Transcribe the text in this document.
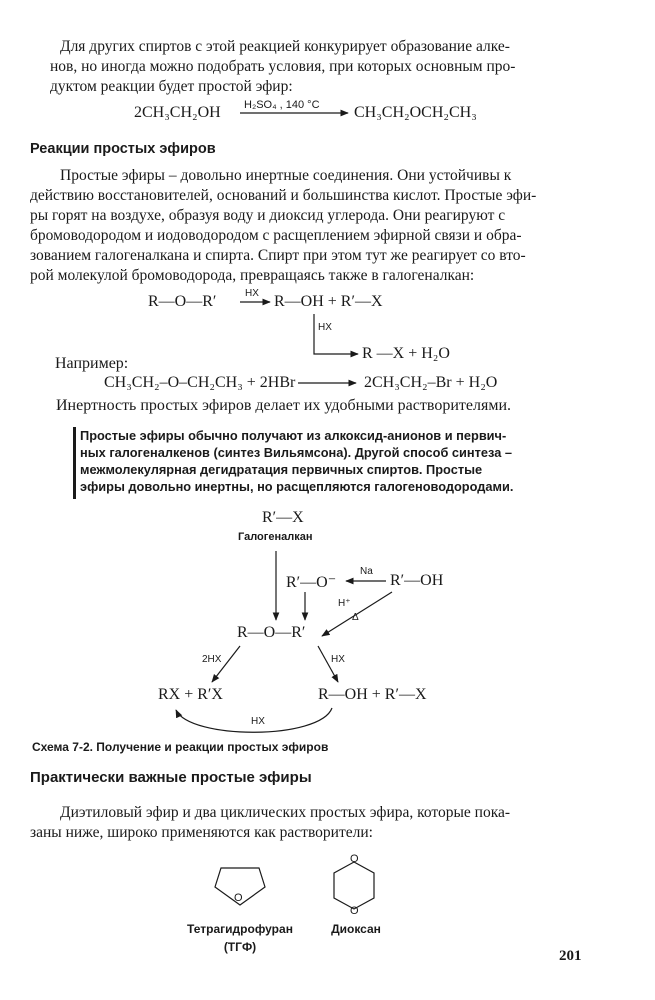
Для других спиртов с этой реакцией конкурирует образование алке-
нов, но иногда можно подобрать условия, при которых основным про-
дуктом реакции будет простой эфир:
2CH₃CH₂OH H₂SO₄ , 140 °C CH₃CH₂OCH₂CH₃
Реакции простых эфиров
Простые эфиры – довольно инертные соединения. Они устойчивы к
действию восстановителей, оснований и большинства кислот. Простые эфи-
ры горят на воздухе, образуя воду и диоксид углерода. Они реагируют с
бромоводородом и иодоводородом с расщеплением эфирной связи и обра-
зованием галогеналкана и спирта. Спирт при этом тут же реагирует со вто-
рой молекулой бромоводорода, превращаясь также в галогеналкан:
R—O—R′	HX R—OH + R′—X
HX
R —X + H₂O
Например:
CH₃CH₂–O–CH₂CH₃ + 2HBr	2CH₃CH₂–Br + H₂O
Инертность простых эфиров делает их удобными растворителями.
Простые эфиры обычно получают из алкоксид-анионов и первич-
ных галогеналкенов (синтез Вильямсона). Другой способ синтеза –
межмолекулярная дегидратация первичных спиртов. Простые
эфиры довольно инертны, но расщепляются галогеноводородами.
R′—X
Галогеналкан
R′—O⁻
Na
R′—OH
H⁺
Δ
R—O—R′
2HX	HX
RX + R′X	R—OH + R′—X
HX
Схема 7-2. Получение и реакции простых эфиров
Практически важные простые эфиры
Диэтиловый эфир и два циклических простых эфира, которые пока-
заны ниже, широко применяются как растворители:
O
O
O
Тетрагидрофуран
(ТГФ)
Диоксан
201
